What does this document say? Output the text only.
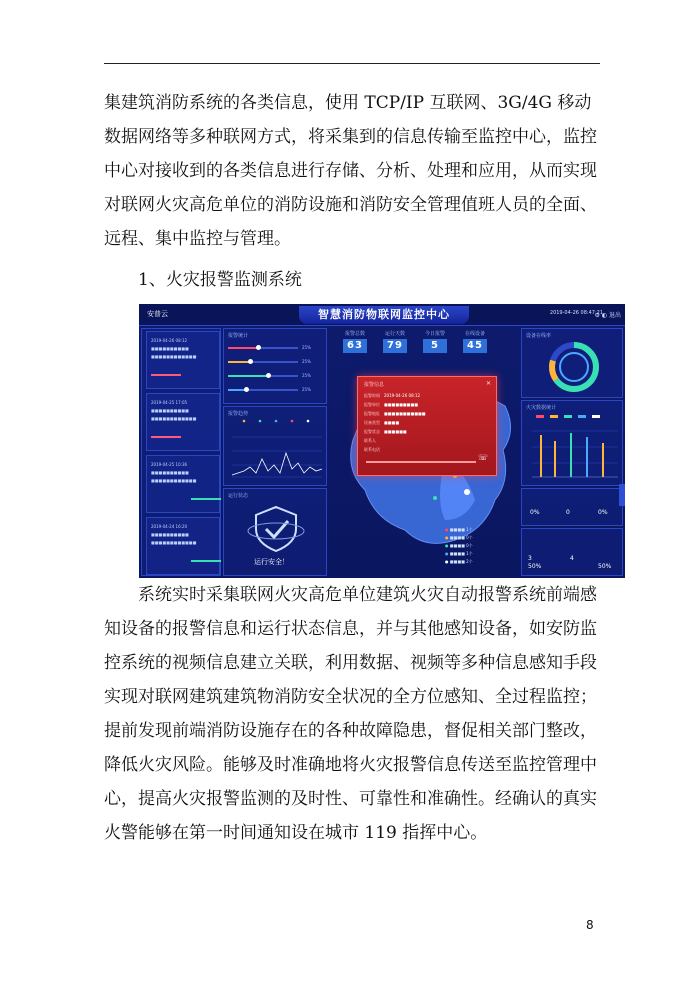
集建筑消防系统的各类信息，使用 TCP/IP 互联网、3G/4G 移动数据网络等多种联网方式，将采集到的信息传输至监控中心，监控中心对接收到的各类信息进行存储、分析、处理和应用，从而实现对联网火灾高危单位的消防设施和消防安全管理值班人员的全面、远程、集中监控与管理。

1、火灾报警监测系统
安普云	智慧消防物联网监控中心	2019-04-26 08:47:21
⚙ ◐ 退出
2019-04-26 08:12
■■■■■■■■■■
■■■■■■■■■■■■
2019-04-25 17:05
■■■■■■■■■■
■■■■■■■■■■■■
2019-04-25 10:36
■■■■■■■■■■
■■■■■■■■■■■■
2019-04-24 16:20
■■■■■■■■■■
■■■■■■■■■■■■
报警统计
25%
25%
25%
25%
报警趋势
运行状态
运行安全！
报警总数
63
运行天数
79
今日报警
5
在线设备
45
● ■■■■ 1个
● ■■■■ 0个
● ■■■■ 0个
● ■■■■ 1个
● ■■■■ 2个
报警信息	✕
报警时间 2019-04-26 08:12
报警单位 ■■■■■■■■■
报警地址 ■■■■■■■■■■■
设备类型 ■■■■
报警状态 ■■■■■■
联系人
联系电话
☏
设备在线率
火灾数据统计
0%	0	0%
3
50%
4
50%

系统实时采集联网火灾高危单位建筑火灾自动报警系统前端感知设备的报警信息和运行状态信息，并与其他感知设备，如安防监控系统的视频信息建立关联，利用数据、视频等多种信息感知手段实现对联网建筑建筑物消防安全状况的全方位感知、全过程监控；提前发现前端消防设施存在的各种故障隐患，督促相关部门整改，降低火灾风险。能够及时准确地将火灾报警信息传送至监控管理中心，提高火灾报警监测的及时性、可靠性和准确性。经确认的真实火警能够在第一时间通知设在城市 119 指挥中心。

8
